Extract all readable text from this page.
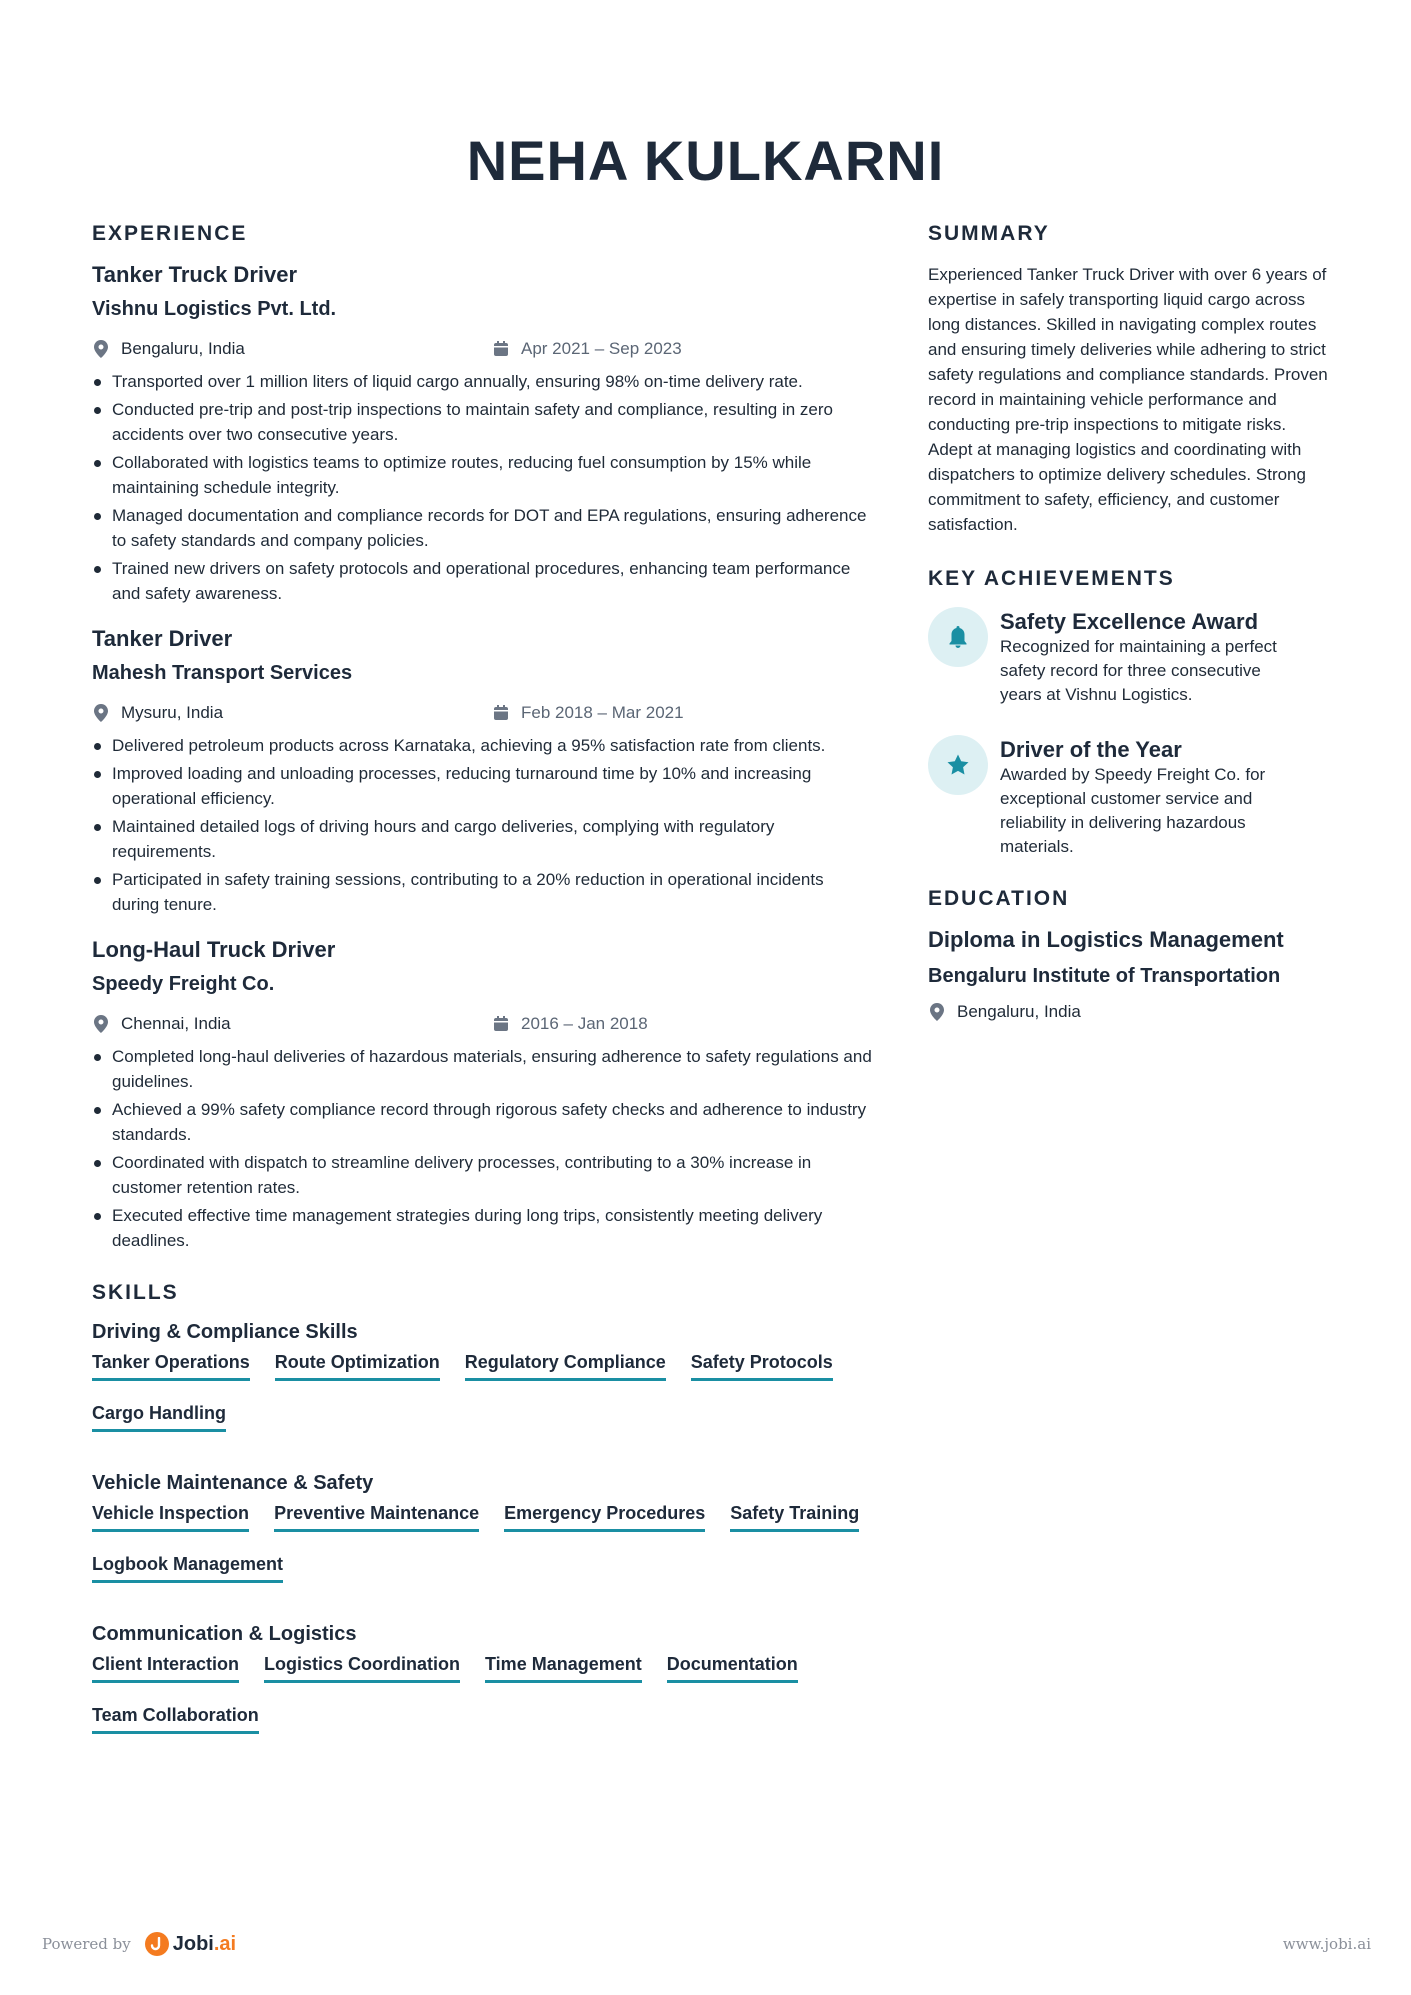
NEHA KULKARNI
EXPERIENCE
Tanker Truck Driver
Vishnu Logistics Pvt. Ltd.
Bengaluru, India	Apr 2021 – Sep 2023
Transported over 1 million liters of liquid cargo annually, ensuring 98% on-time delivery rate.
Conducted pre-trip and post-trip inspections to maintain safety and compliance, resulting in zero accidents over two consecutive years.
Collaborated with logistics teams to optimize routes, reducing fuel consumption by 15% while maintaining schedule integrity.
Managed documentation and compliance records for DOT and EPA regulations, ensuring adherence to safety standards and company policies.
Trained new drivers on safety protocols and operational procedures, enhancing team performance and safety awareness.
Tanker Driver
Mahesh Transport Services
Mysuru, India	Feb 2018 – Mar 2021
Delivered petroleum products across Karnataka, achieving a 95% satisfaction rate from clients.
Improved loading and unloading processes, reducing turnaround time by 10% and increasing operational efficiency.
Maintained detailed logs of driving hours and cargo deliveries, complying with regulatory requirements.
Participated in safety training sessions, contributing to a 20% reduction in operational incidents during tenure.
Long-Haul Truck Driver
Speedy Freight Co.
Chennai, India	2016 – Jan 2018
Completed long-haul deliveries of hazardous materials, ensuring adherence to safety regulations and guidelines.
Achieved a 99% safety compliance record through rigorous safety checks and adherence to industry standards.
Coordinated with dispatch to streamline delivery processes, contributing to a 30% increase in customer retention rates.
Executed effective time management strategies during long trips, consistently meeting delivery deadlines.
SKILLS
Driving & Compliance Skills
Tanker Operations Route Optimization Regulatory Compliance Safety Protocols
Cargo Handling
Vehicle Maintenance & Safety
Vehicle Inspection Preventive Maintenance Emergency Procedures Safety Training
Logbook Management
Communication & Logistics
Client Interaction Logistics Coordination Time Management Documentation
Team Collaboration
SUMMARY

Experienced Tanker Truck Driver with over 6 years of expertise in safely transporting liquid cargo across long distances. Skilled in navigating complex routes and ensuring timely deliveries while adhering to strict safety regulations and compliance standards. Proven record in maintaining vehicle performance and conducting pre-trip inspections to mitigate risks. Adept at managing logistics and coordinating with dispatchers to optimize delivery schedules. Strong commitment to safety, efficiency, and customer satisfaction.

KEY ACHIEVEMENTS
Safety Excellence Award
Recognized for maintaining a perfect safety record for three consecutive years at Vishnu Logistics.
Driver of the Year
Awarded by Speedy Freight Co. for exceptional customer service and reliability in delivering hazardous materials.
EDUCATION
Diploma in Logistics Management
Bengaluru Institute of Transportation
Bengaluru, India
Powered by Jobi.ai	www.jobi.ai
